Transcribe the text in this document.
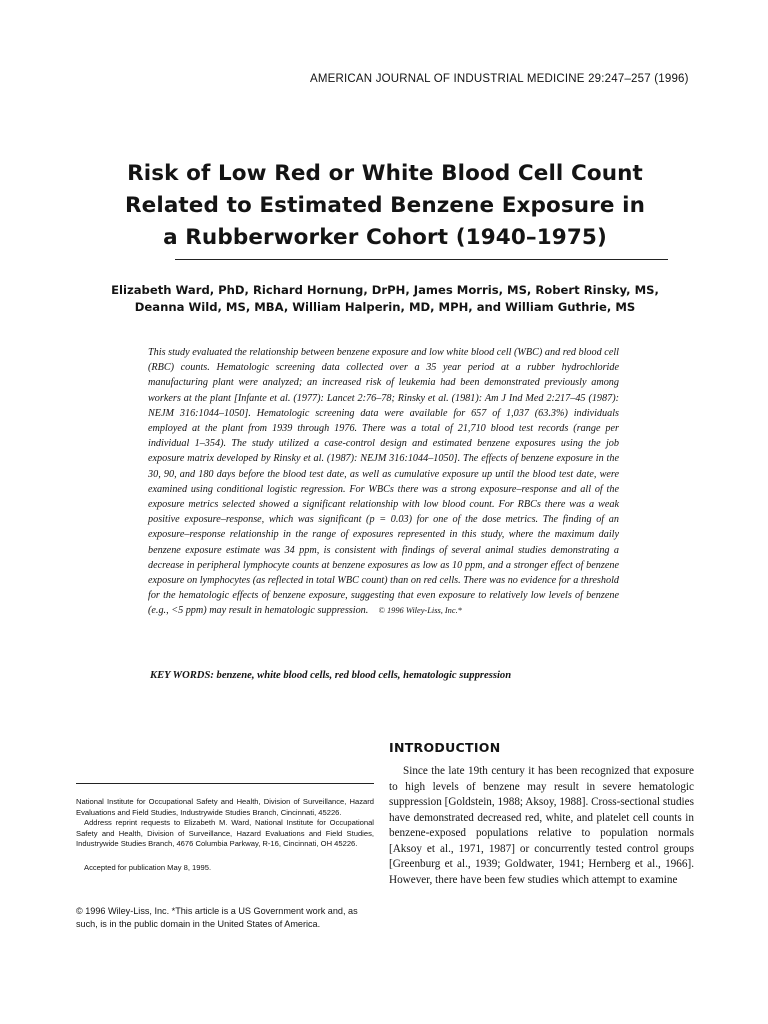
AMERICAN JOURNAL OF INDUSTRIAL MEDICINE 29:247–257 (1996)
Risk of Low Red or White Blood Cell Count
Related to Estimated Benzene Exposure in
a Rubberworker Cohort (1940–1975)
Elizabeth Ward, PhD, Richard Hornung, DrPH, James Morris, MS, Robert Rinsky, MS,
Deanna Wild, MS, MBA, William Halperin, MD, MPH, and William Guthrie, MS
This study evaluated the relationship between benzene exposure and low white blood cell (WBC) and red blood cell (RBC) counts. Hematologic screening data collected over a 35 year period at a rubber hydrochloride manufacturing plant were analyzed; an increased risk of leukemia had been demonstrated previously among workers at the plant [Infante et al. (1977): Lancet 2:76–78; Rinsky et al. (1981): Am J Ind Med 2:217–45 (1987): NEJM 316:1044–1050]. Hematologic screening data were available for 657 of 1,037 (63.3%) individuals employed at the plant from 1939 through 1976. There was a total of 21,710 blood test records (range per individual 1–354). The study utilized a case-control design and estimated benzene exposures using the job exposure matrix developed by Rinsky et al. (1987): NEJM 316:1044–1050]. The effects of benzene exposure in the 30, 90, and 180 days before the blood test date, as well as cumulative exposure up until the blood test date, were examined using conditional logistic regression. For WBCs there was a strong exposure–response and all of the exposure metrics selected showed a significant relationship with low blood count. For RBCs there was a weak positive exposure–response, which was significant (p = 0.03) for one of the dose metrics. The finding of an exposure–response relationship in the range of exposures represented in this study, where the maximum daily benzene exposure estimate was 34 ppm, is consistent with findings of several animal studies demonstrating a decrease in peripheral lymphocyte counts at benzene exposures as low as 10 ppm, and a stronger effect of benzene exposure on lymphocytes (as reflected in total WBC count) than on red cells. There was no evidence for a threshold for the hematologic effects of benzene exposure, suggesting that even exposure to relatively low levels of benzene (e.g., <5 ppm) may result in hematologic suppression. © 1996 Wiley-Liss, Inc.*
KEY WORDS: benzene, white blood cells, red blood cells, hematologic suppression
INTRODUCTION
Since the late 19th century it has been recognized that exposure to high levels of benzene may result in severe hematologic suppression [Goldstein, 1988; Aksoy, 1988]. Cross-sectional studies have demonstrated decreased red, white, and platelet cell counts in benzene-exposed populations relative to population normals [Aksoy et al., 1971, 1987] or concurrently tested control groups [Greenburg et al., 1939; Goldwater, 1941; Hernberg et al., 1966]. However, there have been few studies which attempt to examine

National Institute for Occupational Safety and Health, Division of Surveillance, Hazard Evaluations and Field Studies, Industrywide Studies Branch, Cincinnati, 45226.

Address reprint requests to Elizabeth M. Ward, National Institute for Occupational Safety and Health, Division of Surveillance, Hazard Evaluations and Field Studies, Industrywide Studies Branch, 4676 Columbia Parkway, R-16, Cincinnati, OH 45226.

Accepted for publication May 8, 1995.

© 1996 Wiley-Liss, Inc. *This article is a US Government work and, as such, is in the public domain in the United States of America.
